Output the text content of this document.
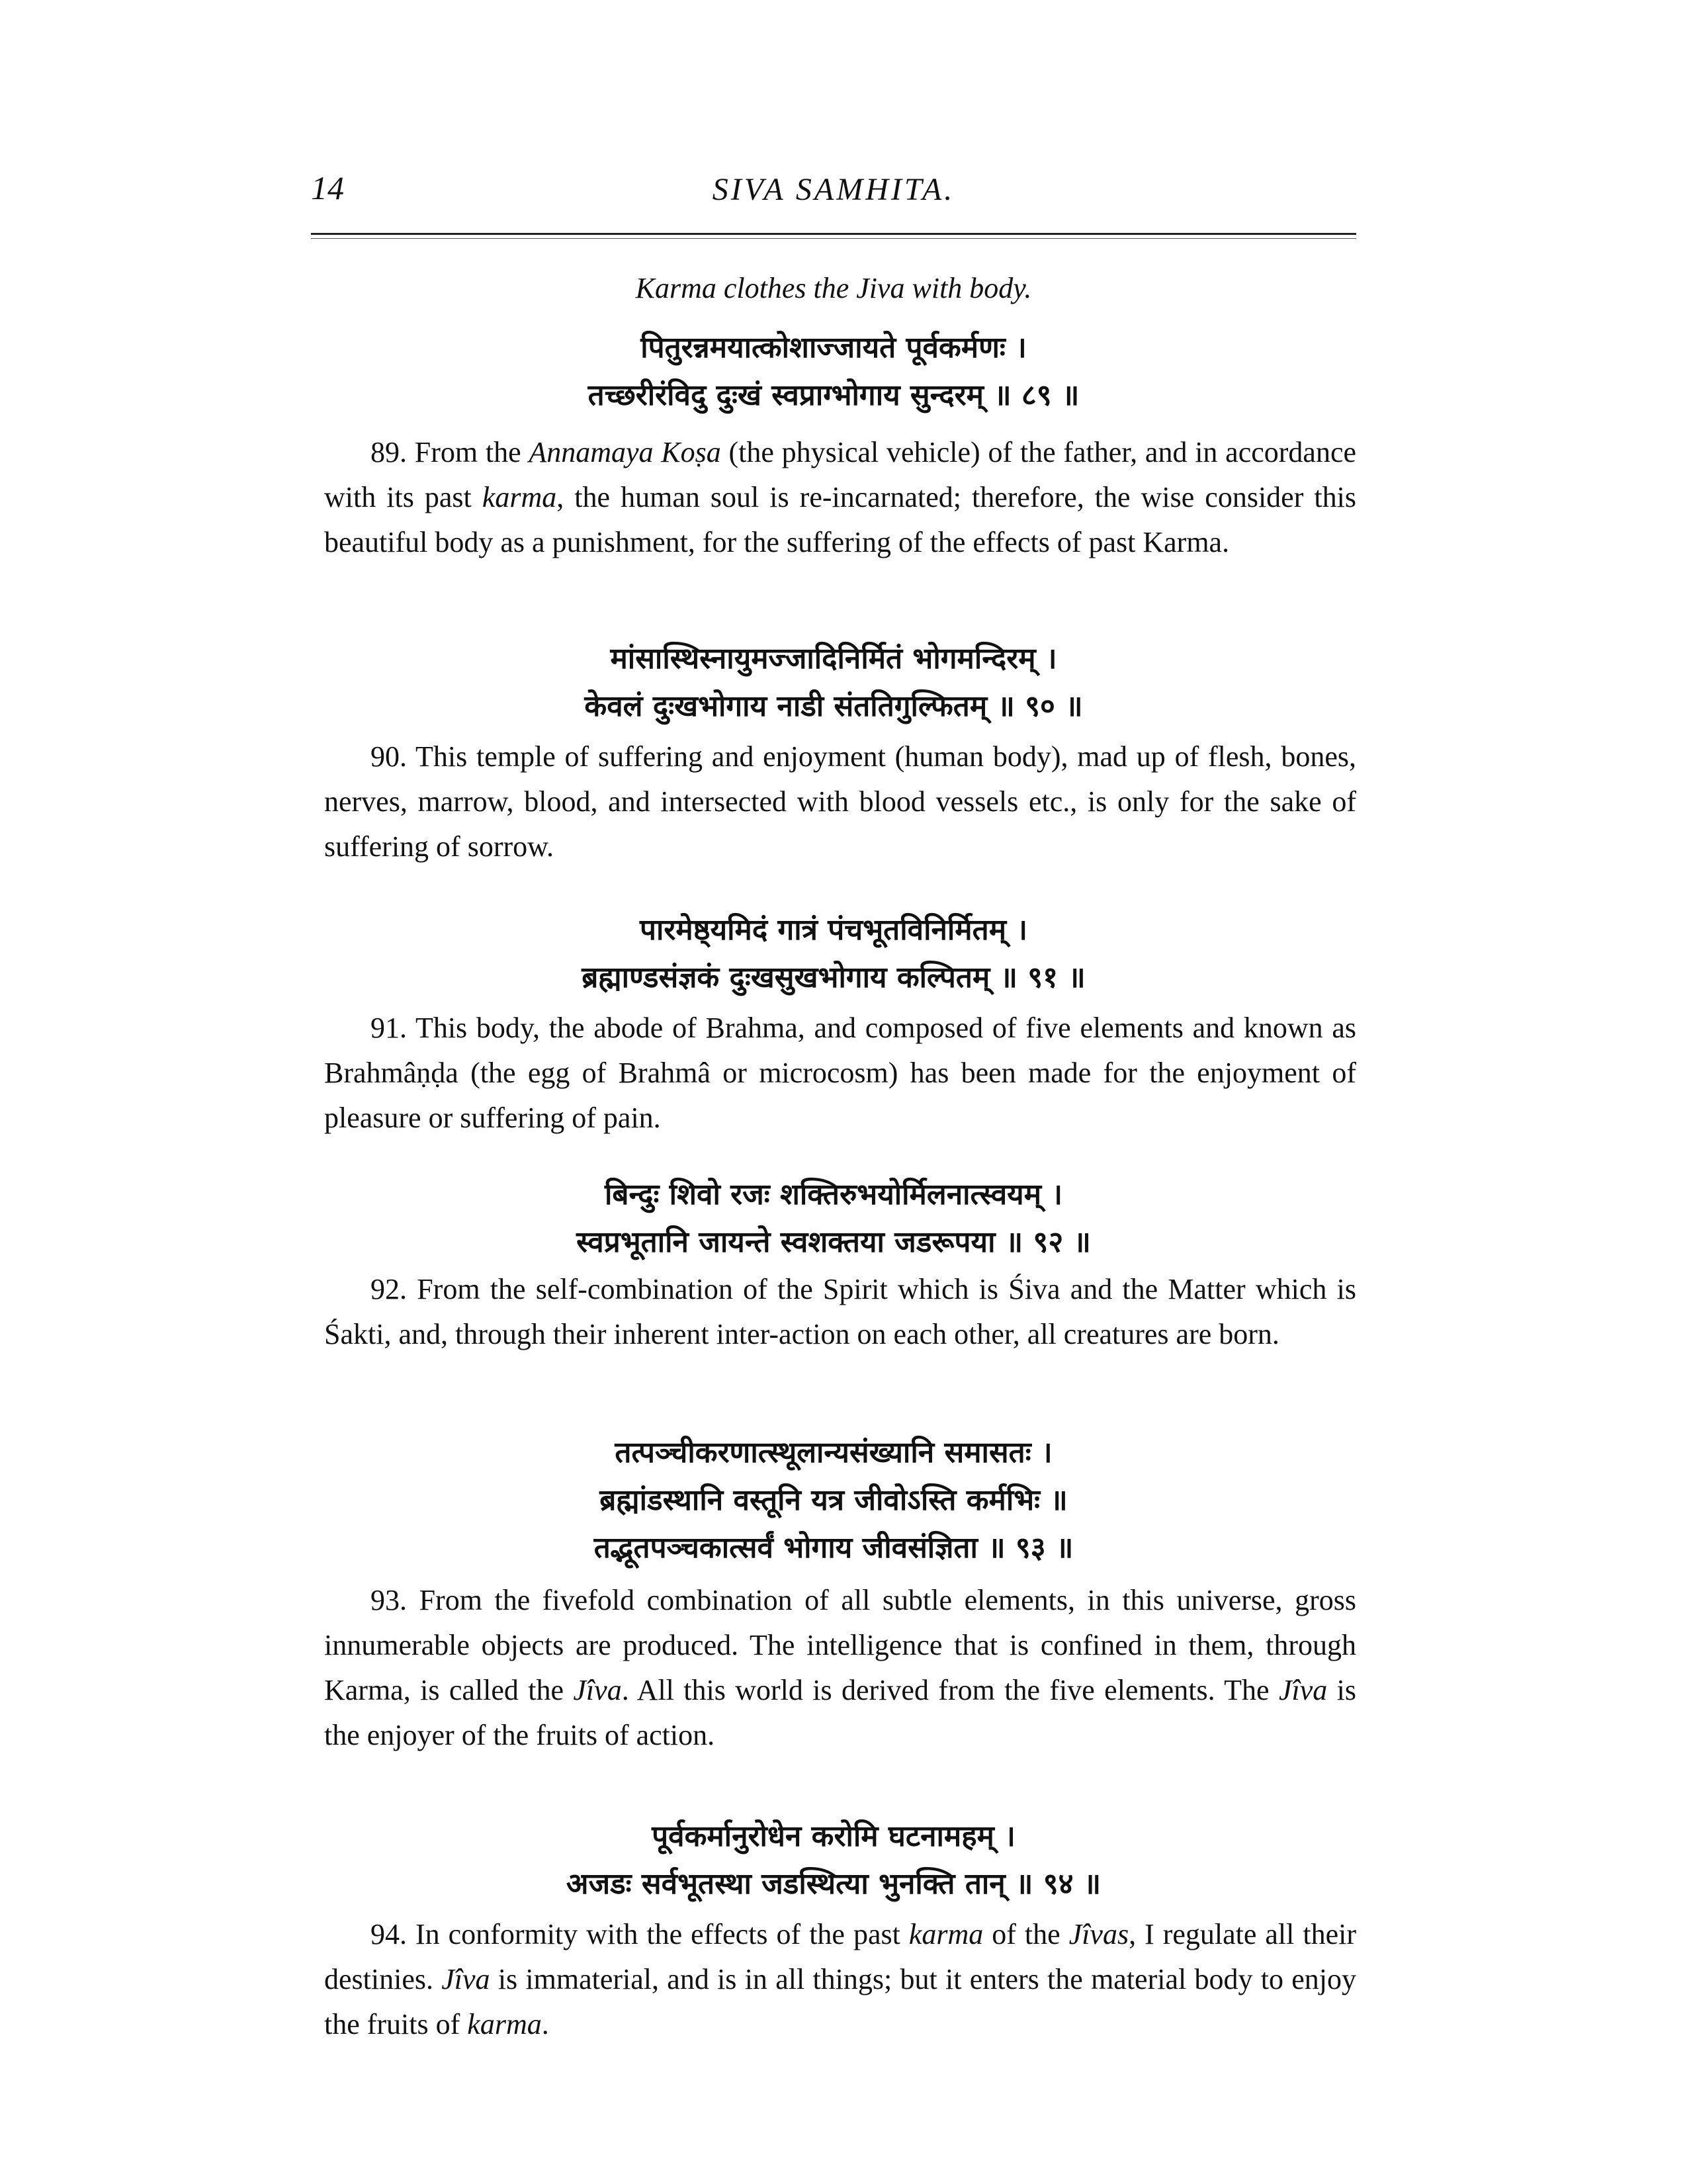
14	SIVA SAMHITA.
Karma clothes the Jiva with body.
पितुरन्नमयात्कोशाज्जायते पूर्वकर्मणः ।
तच्छरीरंविदु दुःखं स्वप्राग्भोगाय सुन्दरम् ॥ ८९ ॥
89. From the Annamaya Koṣa (the physical vehicle) of the father, and in accordance with its past karma, the human soul is re-incarnated; therefore, the wise consider this beautiful body as a punishment, for the suffering of the effects of past Karma.
मांसास्थिस्नायुमज्जादिनिर्मितं भोगमन्दिरम् ।
केवलं दुःखभोगाय नाडी संततिगुल्फितम् ॥ ९० ॥
90. This temple of suffering and enjoyment (human body), mad up of flesh, bones, nerves, marrow, blood, and intersected with blood vessels etc., is only for the sake of suffering of sorrow.
पारमेष्ठ्यमिदं गात्रं पंचभूतविनिर्मितम् ।
ब्रह्माण्डसंज्ञकं दुःखसुखभोगाय कल्पितम् ॥ ९१ ॥
91. This body, the abode of Brahma, and composed of five elements and known as Brahmâṇḍa (the egg of Brahmâ or microcosm) has been made for the enjoyment of pleasure or suffering of pain.
बिन्दुः शिवो रजः शक्तिरुभयोर्मिलनात्स्वयम् ।
स्वप्रभूतानि जायन्ते स्वशक्तया जडरूपया ॥ ९२ ॥
92. From the self-combination of the Spirit which is Śiva and the Matter which is Śakti, and, through their inherent inter-action on each other, all creatures are born.
तत्पञ्चीकरणात्स्थूलान्यसंख्यानि समासतः ।
ब्रह्मांडस्थानि वस्तूनि यत्र जीवोऽस्ति कर्मभिः ॥
तद्भूतपञ्चकात्सर्वं भोगाय जीवसंज्ञिता ॥ ९३ ॥
93. From the fivefold combination of all subtle elements, in this universe, gross innumerable objects are produced. The intelligence that is confined in them, through Karma, is called the Jîva. All this world is derived from the five elements. The Jîva is the enjoyer of the fruits of action.
पूर्वकर्मानुरोधेन करोमि घटनामहम् ।
अजडः सर्वभूतस्था जडस्थित्या भुनक्ति तान् ॥ ९४ ॥
94. In conformity with the effects of the past karma of the Jîvas, I regulate all their destinies. Jîva is immaterial, and is in all things; but it enters the material body to enjoy the fruits of karma.
